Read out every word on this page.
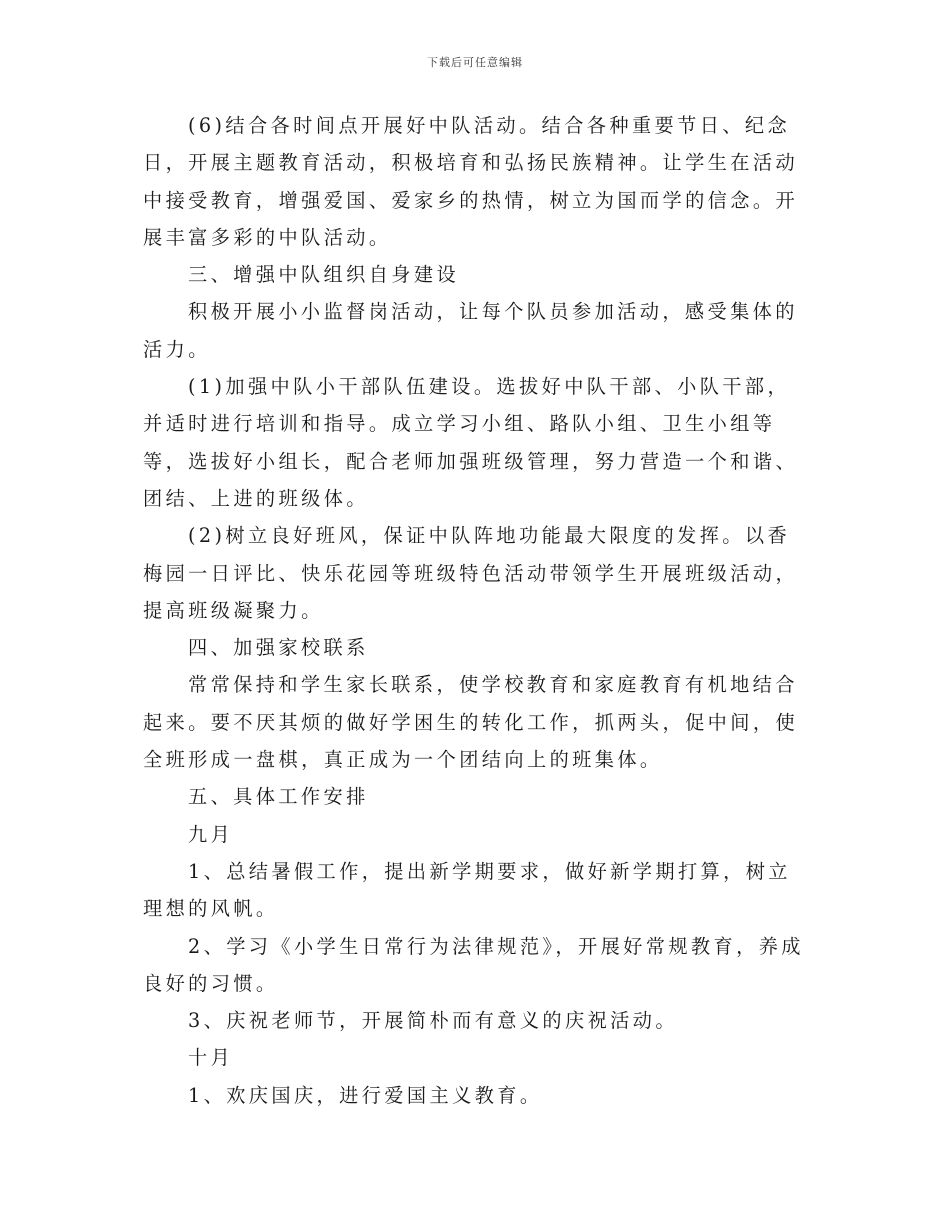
下载后可任意编辑

(6)结合各时间点开展好中队活动。结合各种重要节日、纪念日，开展主题教育活动，积极培育和弘扬民族精神。让学生在活动中接受教育，增强爱国、爱家乡的热情，树立为国而学的信念。开展丰富多彩的中队活动。

三、增强中队组织自身建设

积极开展小小监督岗活动，让每个队员参加活动，感受集体的活力。

(1)加强中队小干部队伍建设。选拔好中队干部、小队干部，并适时进行培训和指导。成立学习小组、路队小组、卫生小组等等，选拔好小组长，配合老师加强班级管理，努力营造一个和谐、团结、上进的班级体。

(2)树立良好班风，保证中队阵地功能最大限度的发挥。以香梅园一日评比、快乐花园等班级特色活动带领学生开展班级活动，提高班级凝聚力。

四、加强家校联系

常常保持和学生家长联系，使学校教育和家庭教育有机地结合起来。要不厌其烦的做好学困生的转化工作，抓两头，促中间，使全班形成一盘棋，真正成为一个团结向上的班集体。

五、具体工作安排

九月

1、总结暑假工作，提出新学期要求，做好新学期打算，树立理想的风帆。

2、学习《小学生日常行为法律规范》，开展好常规教育，养成良好的习惯。

3、庆祝老师节，开展简朴而有意义的庆祝活动。

十月

1、欢庆国庆，进行爱国主义教育。
